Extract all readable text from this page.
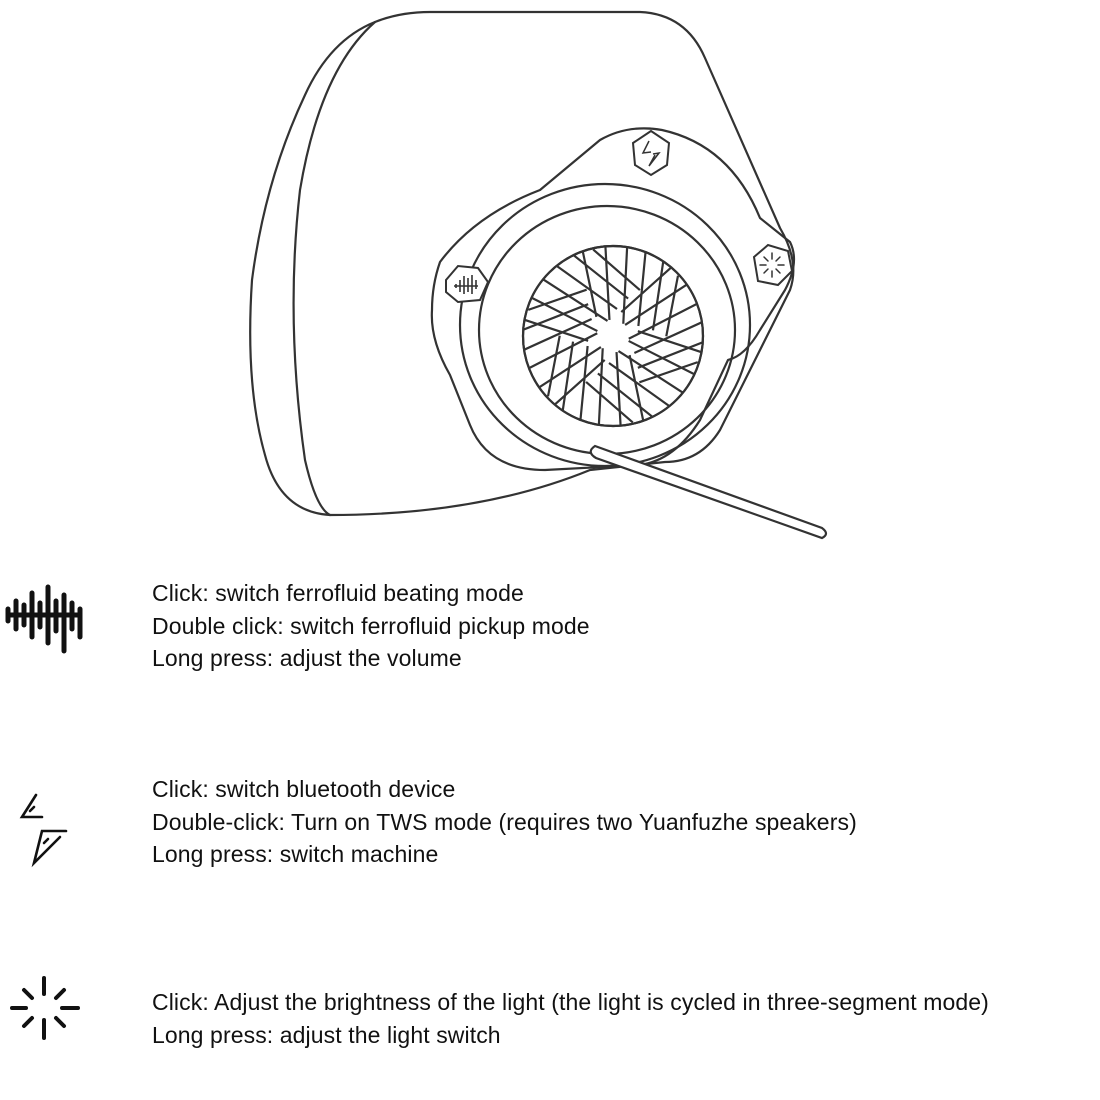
Click: switch ferrofluid beating mode
Double click: switch ferrofluid pickup mode
Long press: adjust the volume
Click: switch bluetooth device
Double-click: Turn on TWS mode (requires two Yuanfuzhe speakers)
Long press: switch machine
Click: Adjust the brightness of the light (the light is cycled in three-segment mode)
Long press: adjust the light switch
